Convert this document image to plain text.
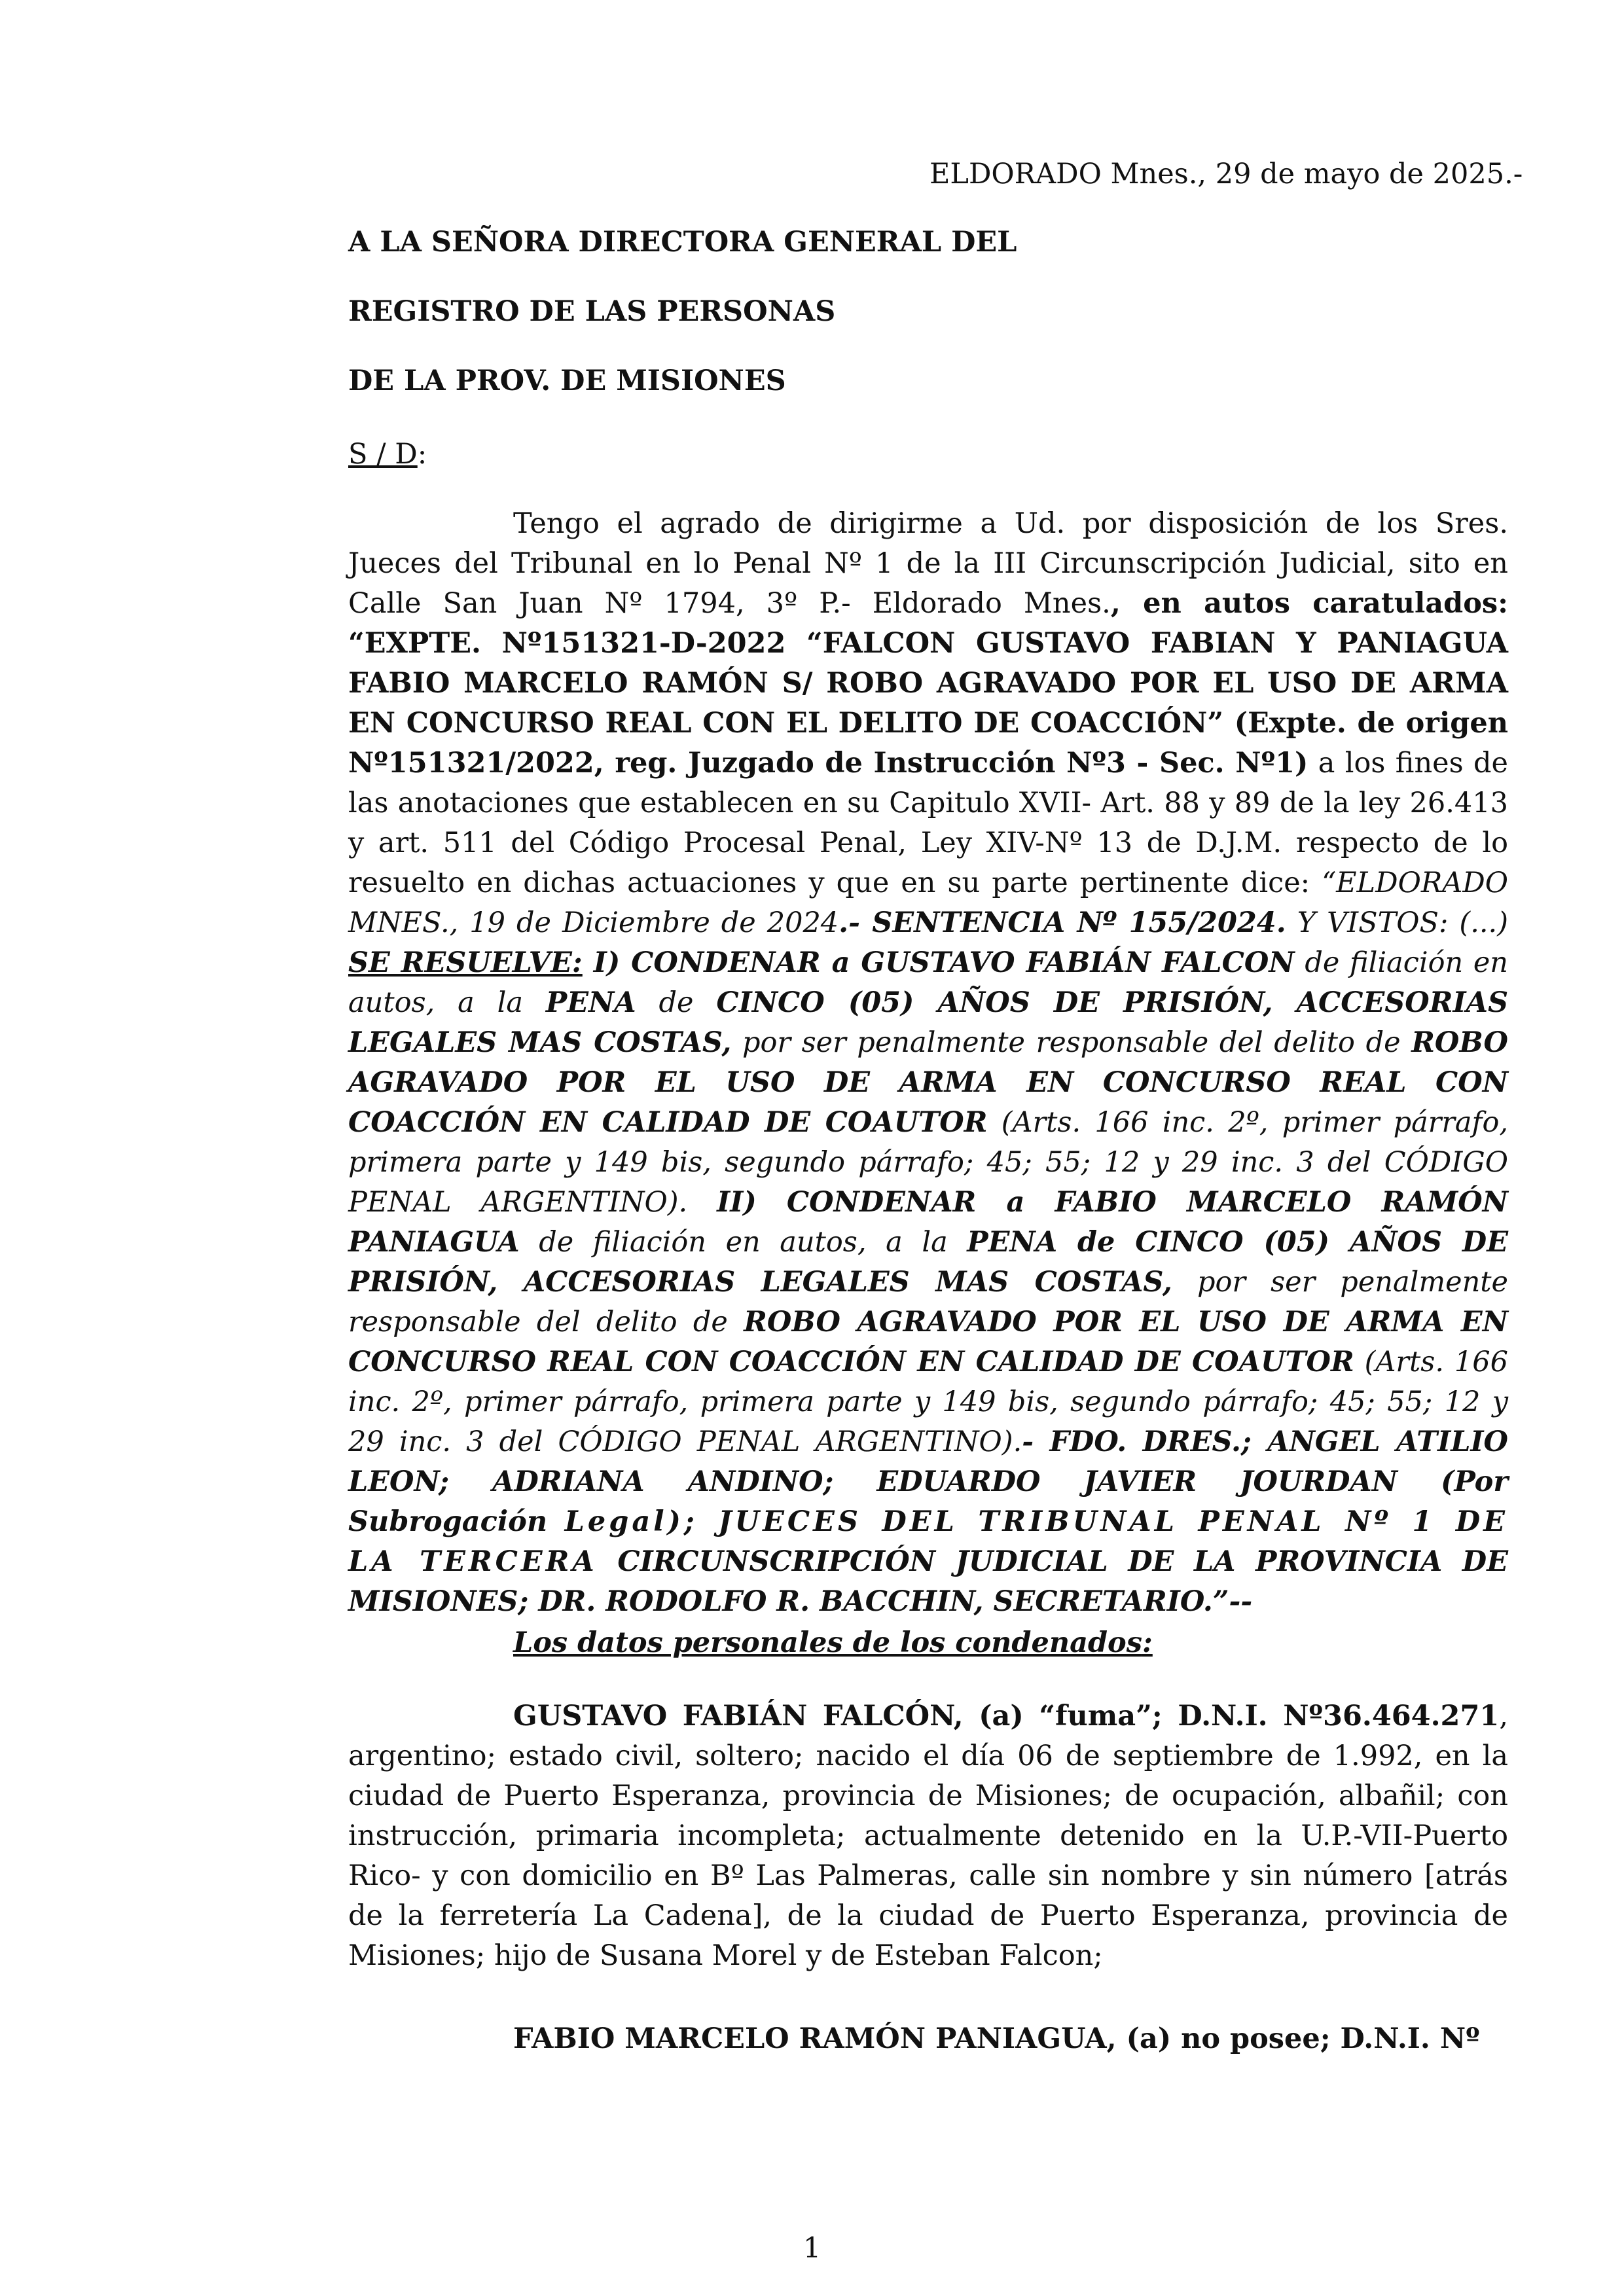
ELDORADO Mnes., 29 de mayo de 2025.-
A LA SEÑORA DIRECTORA GENERAL DEL
REGISTRO DE LAS PERSONAS
DE LA PROV. DE MISIONES
S / D:

Tengo el agrado de dirigirme a Ud. por disposición de los Sres. Jueces del Tribunal en lo Penal Nº 1 de la III Circunscripción Judicial, sito en Calle San Juan Nº 1794, 3º P.- Eldorado Mnes., en autos caratulados: “EXPTE. Nº151321-D-2022 “FALCON GUSTAVO FABIAN Y PANIAGUA FABIO MARCELO RAMÓN S/ ROBO AGRAVADO POR EL USO DE ARMA EN CONCURSO REAL CON EL DELITO DE COACCIÓN” (Expte. de origen Nº151321/2022, reg. Juzgado de Instrucción Nº3 - Sec. Nº1) a los fines de las anotaciones que establecen en su Capitulo XVII- Art. 88 y 89 de la ley 26.413 y art. 511 del Código Procesal Penal, Ley XIV-Nº 13 de D.J.M. respecto de lo resuelto en dichas actuaciones y que en su parte pertinente dice: “ELDORADO MNES., 19 de Diciembre de 2024.- SENTENCIA Nº 155/2024. Y VISTOS: (...) SE RESUELVE: I) CONDENAR a GUSTAVO FABIÁN FALCON de filiación en autos, a la PENA de CINCO (05) AÑOS DE PRISIÓN, ACCESORIAS LEGALES MAS COSTAS, por ser penalmente responsable del delito de ROBO AGRAVADO POR EL USO DE ARMA EN CONCURSO REAL CON COACCIÓN EN CALIDAD DE COAUTOR (Arts. 166 inc. 2º, primer párrafo, primera parte y 149 bis, segundo párrafo; 45; 55; 12 y 29 inc. 3 del CÓDIGO PENAL ARGENTINO). II) CONDENAR a FABIO MARCELO RAMÓN PANIAGUA de filiación en autos, a la PENA de CINCO (05) AÑOS DE PRISIÓN, ACCESORIAS LEGALES MAS COSTAS, por ser penalmente responsable del delito de ROBO AGRAVADO POR EL USO DE ARMA EN CONCURSO REAL CON COACCIÓN EN CALIDAD DE COAUTOR (Arts. 166 inc. 2º, primer párrafo, primera parte y 149 bis, segundo párrafo; 45; 55; 12 y 29 inc. 3 del CÓDIGO PENAL ARGENTINO).- FDO. DRES.; ANGEL ATILIO LEON; ADRIANA ANDINO; EDUARDO JAVIER JOURDAN (Por Subrogación Legal); JUECES DEL TRIBUNAL PENAL Nº 1 DE LA TERCERA CIRCUNSCRIPCIÓN JUDICIAL DE LA PROVINCIA DE MISIONES; DR. RODOLFO R. BACCHIN, SECRETARIO.”--

Los datos personales de los condenados:

GUSTAVO FABIÁN FALCÓN, (a) “fuma”; D.N.I. Nº36.464.271, argentino; estado civil, soltero; nacido el día 06 de septiembre de 1.992, en la ciudad de Puerto Esperanza, provincia de Misiones; de ocupación, albañil; con instrucción, primaria incompleta; actualmente detenido en la U.P.-VII-Puerto Rico- y con domicilio en Bº Las Palmeras, calle sin nombre y sin número [atrás de la ferretería La Cadena], de la ciudad de Puerto Esperanza, provincia de Misiones; hijo de Susana Morel y de Esteban Falcon;

FABIO MARCELO RAMÓN PANIAGUA, (a) no posee; D.N.I. Nº

1
